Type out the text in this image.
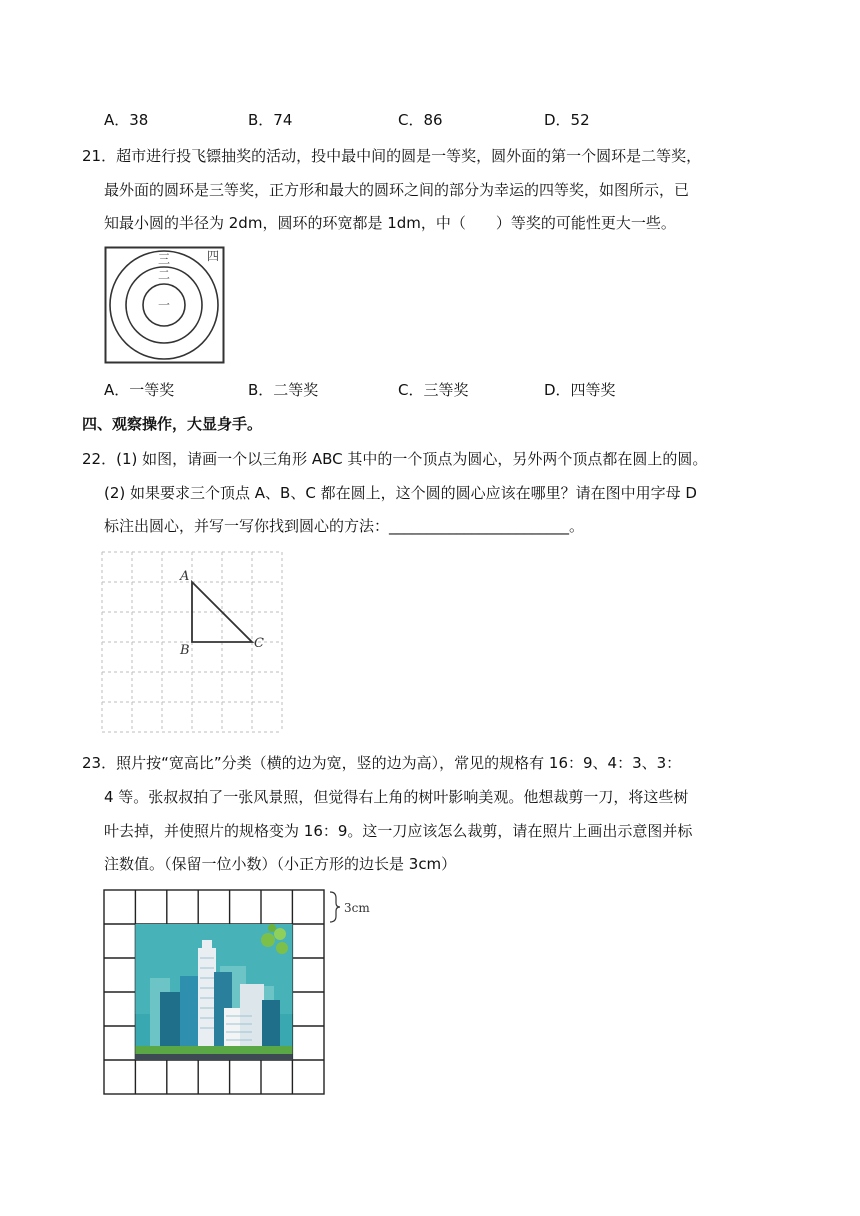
A．38	B．74	C．86	D．52
21．超市进行投飞镖抽奖的活动，投中最中间的圆是一等奖，圆外面的第一个圆环是二等奖，
最外面的圆环是三等奖，正方形和最大的圆环之间的部分为幸运的四等奖，如图所示，已
知最小圆的半径为 2dm，圆环的环宽都是 1dm，中（　　）等奖的可能性更大一些。
一
二
三	四
A．一等奖	B．二等奖	C．三等奖	D．四等奖
四、观察操作，大显身手。
22．(1) 如图，请画一个以三角形 ABC 其中的一个顶点为圆心，另外两个顶点都在圆上的圆。
(2) 如果要求三个顶点 A、B、C 都在圆上，这个圆的圆心应该在哪里？请在图中用字母 D
标注出圆心，并写一写你找到圆心的方法：________________________。
A
B	C
23．照片按“宽高比”分类（横的边为宽，竖的边为高），常见的规格有 16：9、4：3、3：
4 等。张叔叔拍了一张风景照，但觉得右上角的树叶影响美观。他想裁剪一刀，将这些树
叶去掉，并使照片的规格变为 16：9。这一刀应该怎么裁剪，请在照片上画出示意图并标
注数值。（保留一位小数）（小正方形的边长是 3cm）
3cm
